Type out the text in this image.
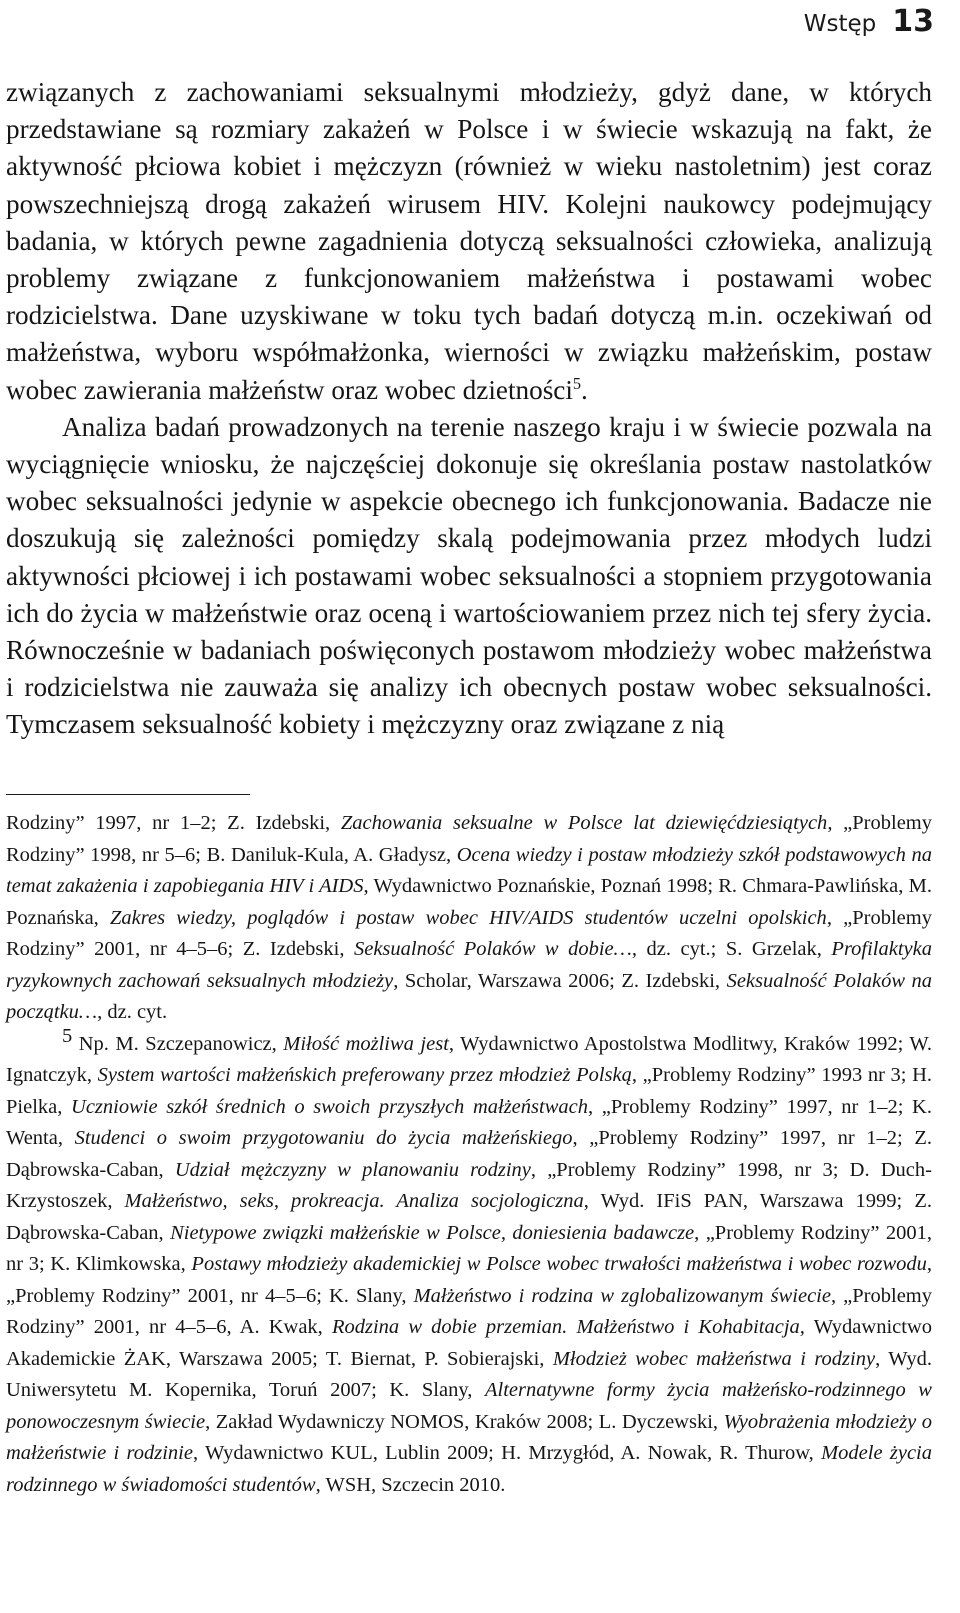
Wstęp 13

związanych z zachowaniami seksualnymi młodzieży, gdyż dane, w których przedstawiane są rozmiary zakażeń w Polsce i w świecie wskazują na fakt, że aktywność płciowa kobiet i mężczyzn (również w wieku nastoletnim) jest coraz powszechniejszą drogą zakażeń wirusem HIV. Kolejni naukowcy podejmujący badania, w których pewne zagadnienia dotyczą seksualności człowieka, analizują problemy związane z funkcjonowaniem małżeństwa i postawami wobec rodzicielstwa. Dane uzyskiwane w toku tych badań dotyczą m.in. oczekiwań od małżeństwa, wyboru współmałżonka, wierności w związku małżeńskim, postaw wobec zawierania małżeństw oraz wobec dzietności$^5$.

Analiza badań prowadzonych na terenie naszego kraju i w świecie pozwala na wyciągnięcie wniosku, że najczęściej dokonuje się określania postaw nastolatków wobec seksualności jedynie w aspekcie obecnego ich funkcjonowania. Badacze nie doszukują się zależności pomiędzy skalą podejmowania przez młodych ludzi aktywności płciowej i ich postawami wobec seksualności a stopniem przygotowania ich do życia w małżeństwie oraz oceną i wartościowaniem przez nich tej sfery życia. Równocześnie w badaniach poświęconych postawom młodzieży wobec małżeństwa i rodzicielstwa nie zauważa się analizy ich obecnych postaw wobec seksualności. Tymczasem seksualność kobiety i mężczyzny oraz związane z nią

Rodziny” 1997, nr 1–2; Z. Izdebski, Zachowania seksualne w Polsce lat dziewięćdziesiątych, „Problemy Rodziny” 1998, nr 5–6; B. Daniluk-Kula, A. Gładysz, Ocena wiedzy i postaw młodzieży szkół podstawowych na temat zakażenia i zapobiegania HIV i AIDS, Wydawnictwo Poznańskie, Poznań 1998; R. Chmara-Pawlińska, M. Poznańska, Zakres wiedzy, poglądów i postaw wobec HIV/AIDS studentów uczelni opolskich, „Problemy Rodziny” 2001, nr 4–5–6; Z. Izdebski, Seksualność Polaków w dobie…, dz. cyt.; S. Grzelak, Profilaktyka ryzykownych zachowań seksualnych młodzieży, Scholar, Warszawa 2006; Z. Izdebski, Seksualność Polaków na początku…, dz. cyt.

$^5$ Np. M. Szczepanowicz, Miłość możliwa jest, Wydawnictwo Apostolstwa Modlitwy, Kraków 1992; W. Ignatczyk, System wartości małżeńskich preferowany przez młodzież Polską, „Problemy Rodziny” 1993 nr 3; H. Pielka, Uczniowie szkół średnich o swoich przyszłych małżeństwach, „Problemy Rodziny” 1997, nr 1–2; K. Wenta, Studenci o swoim przygotowaniu do życia małżeńskiego, „Problemy Rodziny” 1997, nr 1–2; Z. Dąbrowska-Caban, Udział mężczyzny w planowaniu rodziny, „Problemy Rodziny” 1998, nr 3; D. Duch-Krzystoszek, Małżeństwo, seks, prokreacja. Analiza socjologiczna, Wyd. IFiS PAN, Warszawa 1999; Z. Dąbrowska-Caban, Nietypowe związki małżeńskie w Polsce, doniesienia badawcze, „Problemy Rodziny” 2001, nr 3; K. Klimkowska, Postawy młodzieży akademickiej w Polsce wobec trwałości małżeństwa i wobec rozwodu, „Problemy Rodziny” 2001, nr 4–5–6; K. Slany, Małżeństwo i rodzina w zglobalizowanym świecie, „Problemy Rodziny” 2001, nr 4–5–6, A. Kwak, Rodzina w dobie przemian. Małżeństwo i Kohabitacja, Wydawnictwo Akademickie ŻAK, Warszawa 2005; T. Biernat, P. Sobierajski, Młodzież wobec małżeństwa i rodziny, Wyd. Uniwersytetu M. Kopernika, Toruń 2007; K. Slany, Alternatywne formy życia małżeńsko-rodzinnego w ponowoczesnym świecie, Zakład Wydawniczy NOMOS, Kraków 2008; L. Dyczewski, Wyobrażenia młodzieży o małżeństwie i rodzinie, Wydawnictwo KUL, Lublin 2009; H. Mrzygłód, A. Nowak, R. Thurow, Modele życia rodzinnego w świadomości studentów, WSH, Szczecin 2010.
